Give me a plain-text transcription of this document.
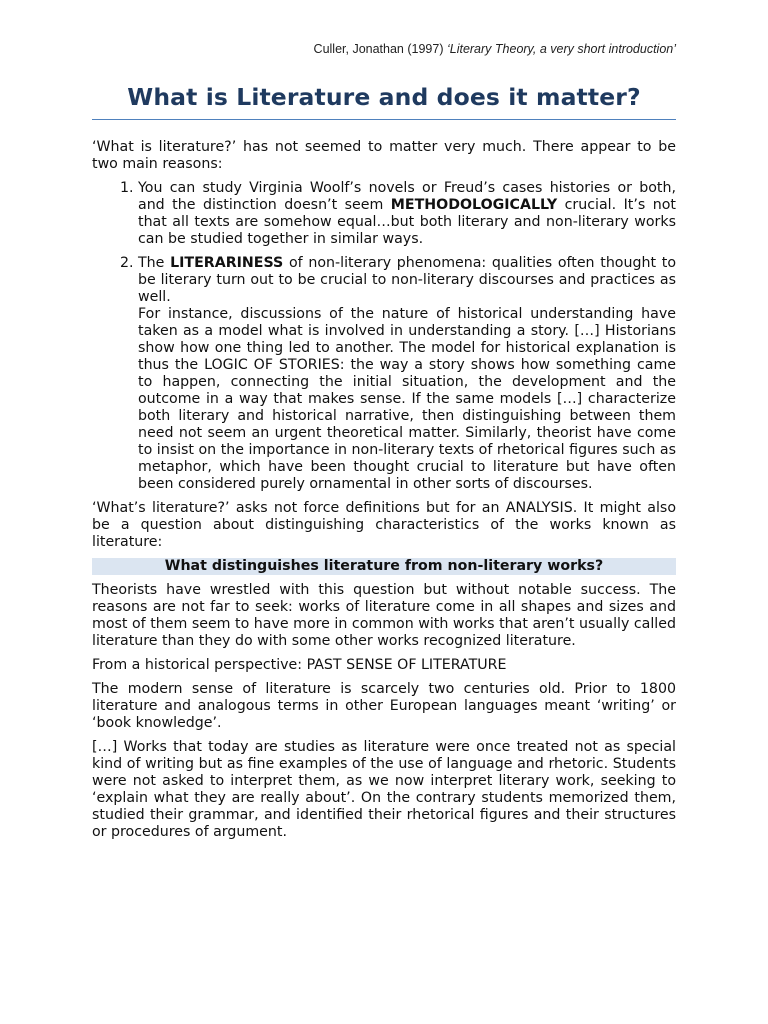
Culler, Jonathan (1997) ‘Literary Theory, a very short introduction’
What is Literature and does it matter?

‘What is literature?’ has not seemed to matter very much. There appear to be two main reasons:

1. You can study Virginia Woolf’s novels or Freud’s cases histories or both, and the distinction doesn’t seem METHODOLOGICALLY crucial. It’s not that all texts are somehow equal…but both literary and non-literary works can be studied together in similar ways.

2. The LITERARINESS of non-literary phenomena: qualities often thought to be literary turn out to be crucial to non-literary discourses and practices as well.

For instance, discussions of the nature of historical understanding have taken as a model what is involved in understanding a story. […] Historians show how one thing led to another. The model for historical explanation is thus the LOGIC OF STORIES: the way a story shows how something came to happen, connecting the initial situation, the development and the outcome in a way that makes sense. If the same models […] characterize both literary and historical narrative, then distinguishing between them need not seem an urgent theoretical matter. Similarly, theorist have come to insist on the importance in non-literary texts of rhetorical figures such as metaphor, which have been thought crucial to literature but have often been considered purely ornamental in other sorts of discourses.

‘What’s literature?’ asks not force definitions but for an ANALYSIS. It might also be a question about distinguishing characteristics of the works known as literature:

What distinguishes literature from non-literary works?

Theorists have wrestled with this question but without notable success. The reasons are not far to seek: works of literature come in all shapes and sizes and most of them seem to have more in common with works that aren’t usually called literature than they do with some other works recognized literature.

From a historical perspective: PAST SENSE OF LITERATURE

The modern sense of literature is scarcely two centuries old. Prior to 1800 literature and analogous terms in other European languages meant ‘writing’ or ‘book knowledge’.

[…] Works that today are studies as literature were once treated not as special kind of writing but as fine examples of the use of language and rhetoric. Students were not asked to interpret them, as we now interpret literary work, seeking to ‘explain what they are really about’. On the contrary students memorized them, studied their grammar, and identified their rhetorical figures and their structures or procedures of argument.
